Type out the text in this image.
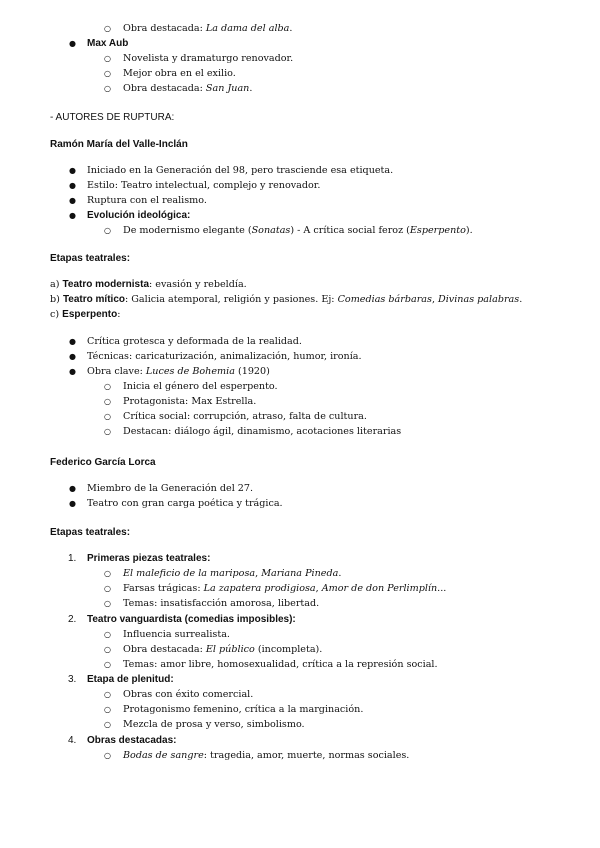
○ Obra destacada: La dama del alba.
● Max Aub
○ Novelista y dramaturgo renovador.
○ Mejor obra en el exilio.
○ Obra destacada: San Juan.
- AUTORES DE RUPTURA:
Ramón María del Valle-Inclán
● Iniciado en la Generación del 98, pero trasciende esa etiqueta.
● Estilo: Teatro intelectual, complejo y renovador.
● Ruptura con el realismo.
● Evolución ideológica:
○ De modernismo elegante (Sonatas) - A crítica social feroz (Esperpento).
Etapas teatrales:
a) Teatro modernista: evasión y rebeldía.
b) Teatro mítico: Galicia atemporal, religión y pasiones. Ej: Comedias bárbaras, Divinas palabras.
c) Esperpento:
● Crítica grotesca y deformada de la realidad.
● Técnicas: caricaturización, animalización, humor, ironía.
● Obra clave: Luces de Bohemia (1920)
○ Inicia el género del esperpento.
○ Protagonista: Max Estrella.
○ Crítica social: corrupción, atraso, falta de cultura.
○ Destacan: diálogo ágil, dinamismo, acotaciones literarias
Federico García Lorca
● Miembro de la Generación del 27.
● Teatro con gran carga poética y trágica.
Etapas teatrales:
1. Primeras piezas teatrales:
○ El maleficio de la mariposa, Mariana Pineda.
○ Farsas trágicas: La zapatera prodigiosa, Amor de don Perlimplín...
○ Temas: insatisfacción amorosa, libertad.
2. Teatro vanguardista (comedias imposibles):
○ Influencia surrealista.
○ Obra destacada: El público (incompleta).
○ Temas: amor libre, homosexualidad, crítica a la represión social.
3. Etapa de plenitud:
○ Obras con éxito comercial.
○ Protagonismo femenino, crítica a la marginación.
○ Mezcla de prosa y verso, simbolismo.
4. Obras destacadas:
○ Bodas de sangre: tragedia, amor, muerte, normas sociales.
